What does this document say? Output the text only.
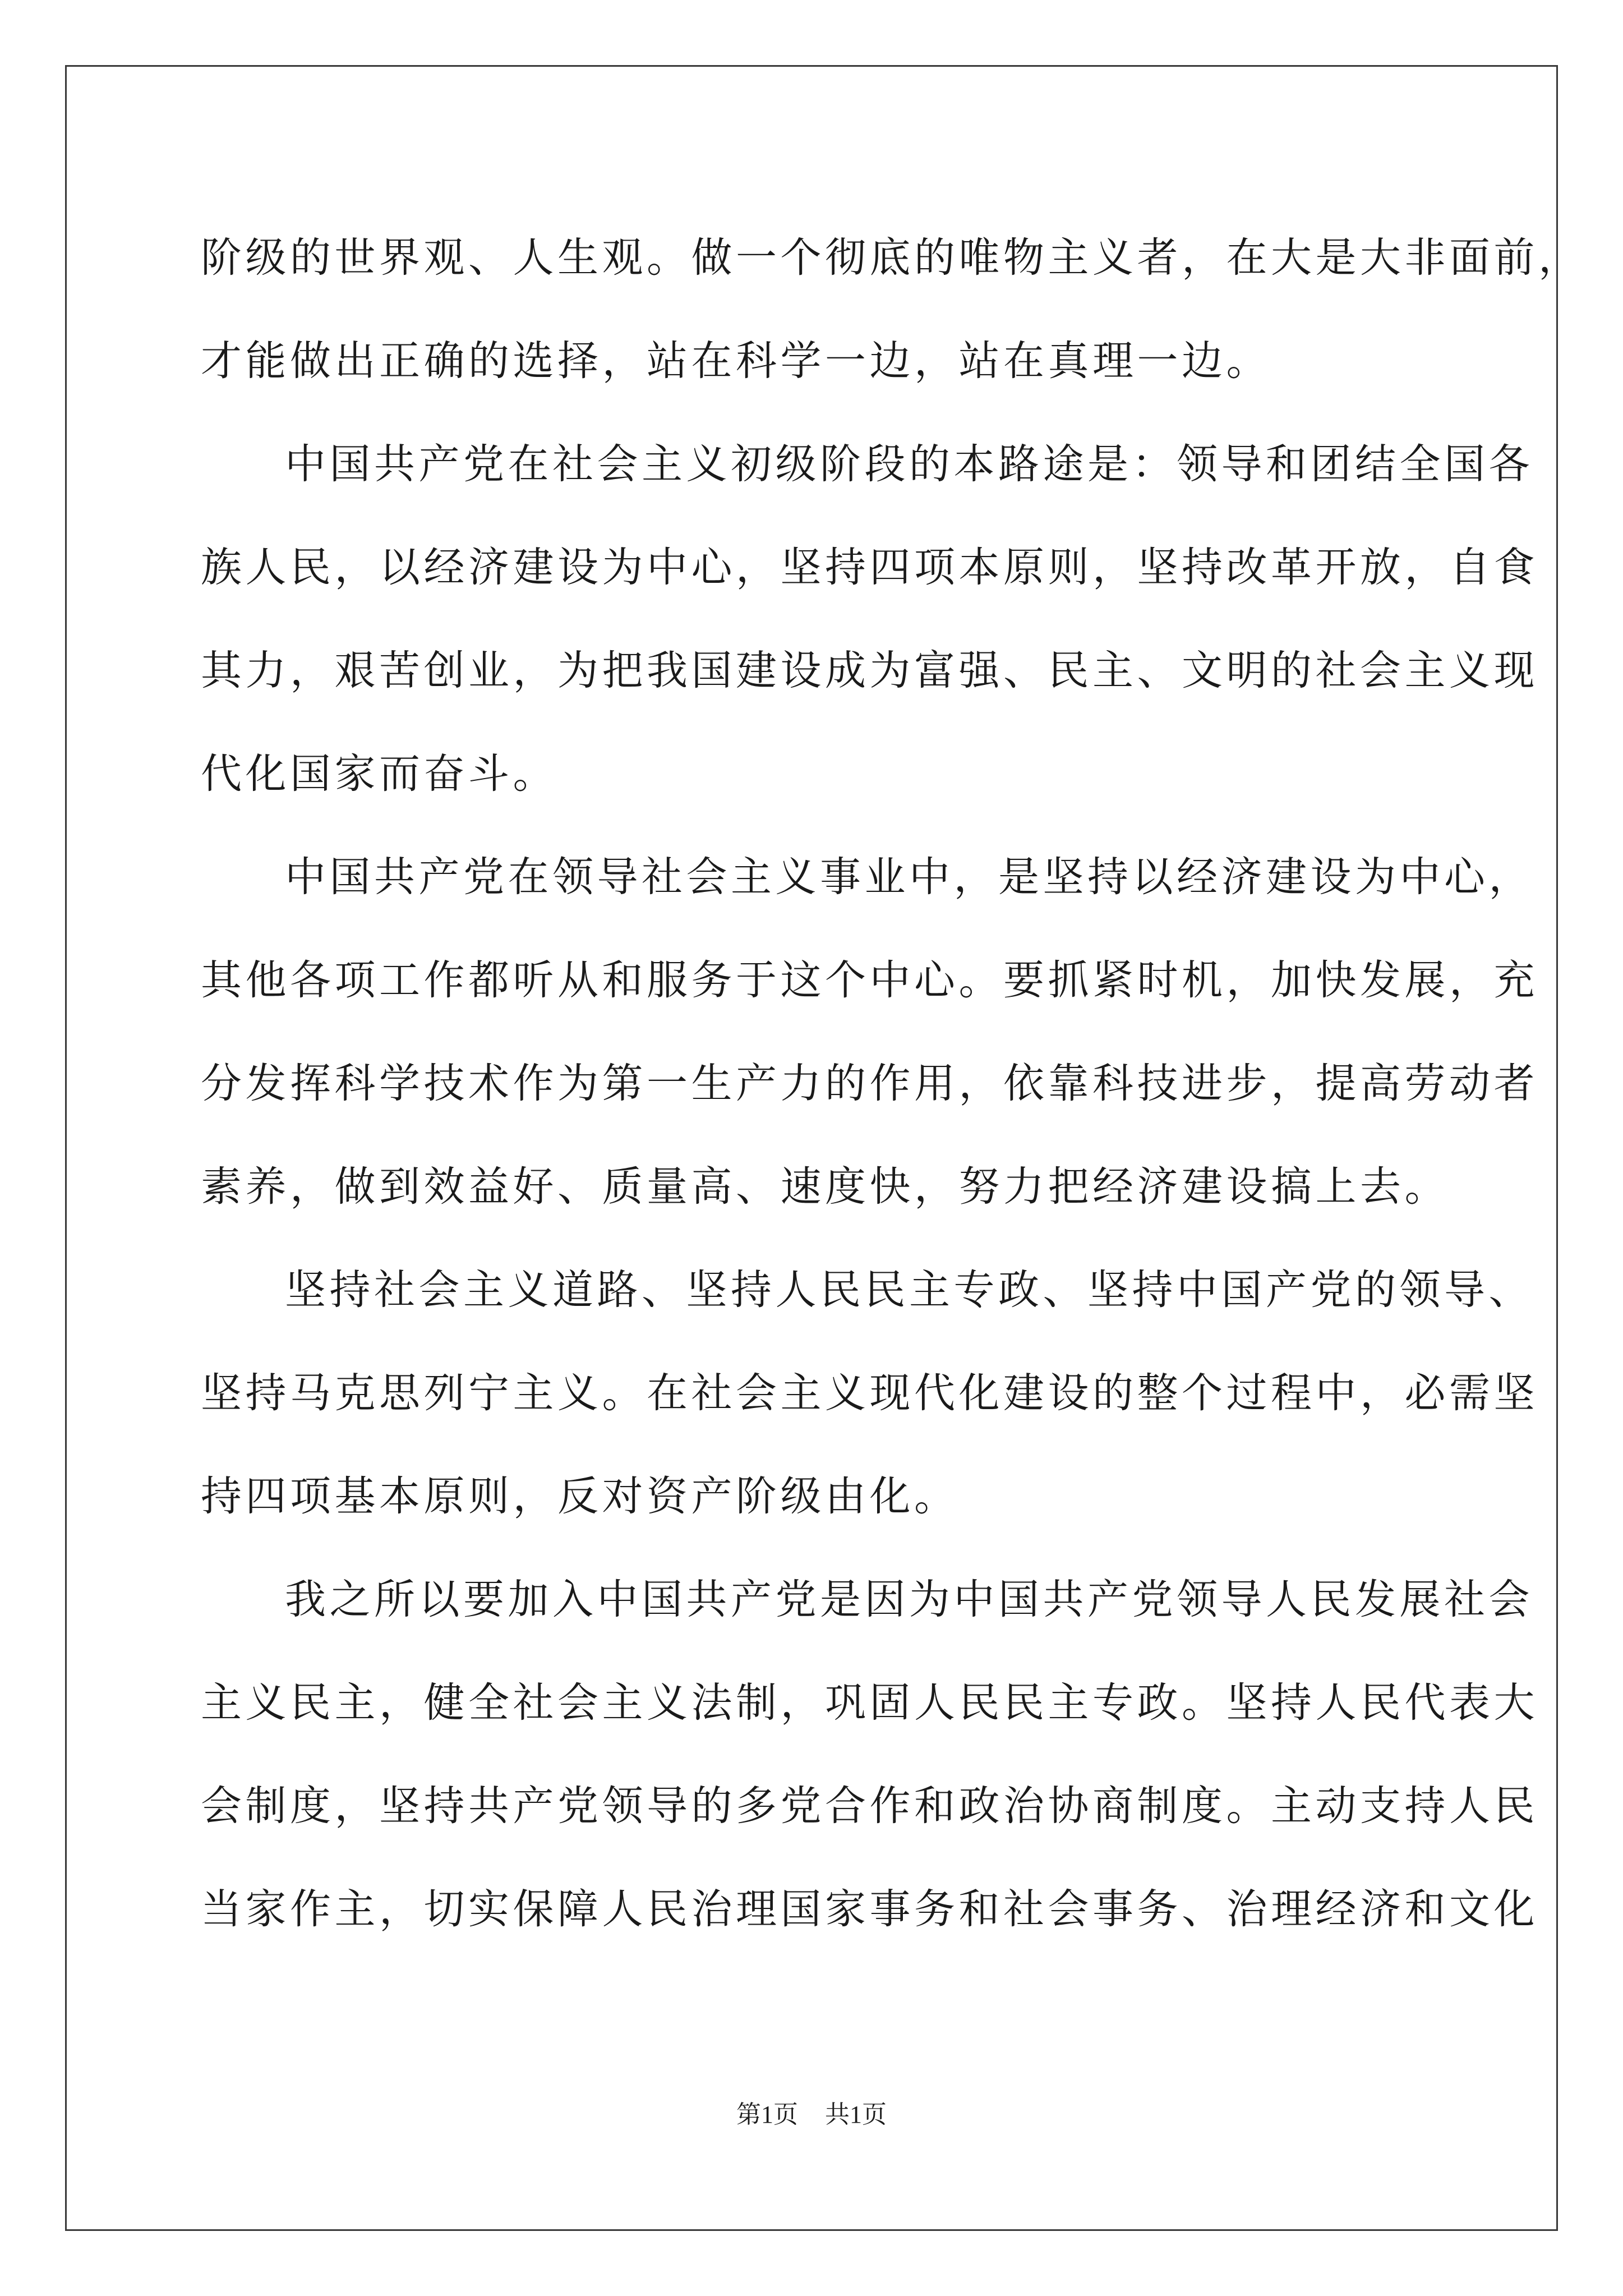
阶级的世界观、人生观。做一个彻底的唯物主义者，在大是大非面前，
才能做出正确的选择，站在科学一边，站在真理一边。
中国共产党在社会主义初级阶段的本路途是：领导和团结全国各
族人民，以经济建设为中心，坚持四项本原则，坚持改革开放，自食
其力，艰苦创业，为把我国建设成为富强、民主、文明的社会主义现
代化国家而奋斗。
中国共产党在领导社会主义事业中，是坚持以经济建设为中心，
其他各项工作都听从和服务于这个中心。要抓紧时机，加快发展，充
分发挥科学技术作为第一生产力的作用，依靠科技进步，提高劳动者
素养，做到效益好、质量高、速度快，努力把经济建设搞上去。
坚持社会主义道路、坚持人民民主专政、坚持中国产党的领导、
坚持马克思列宁主义。在社会主义现代化建设的整个过程中，必需坚
持四项基本原则，反对资产阶级由化。
我之所以要加入中国共产党是因为中国共产党领导人民发展社会
主义民主，健全社会主义法制，巩固人民民主专政。坚持人民代表大
会制度，坚持共产党领导的多党合作和政治协商制度。主动支持人民
当家作主，切实保障人民治理国家事务和社会事务、治理经济和文化
第1页 共1页
